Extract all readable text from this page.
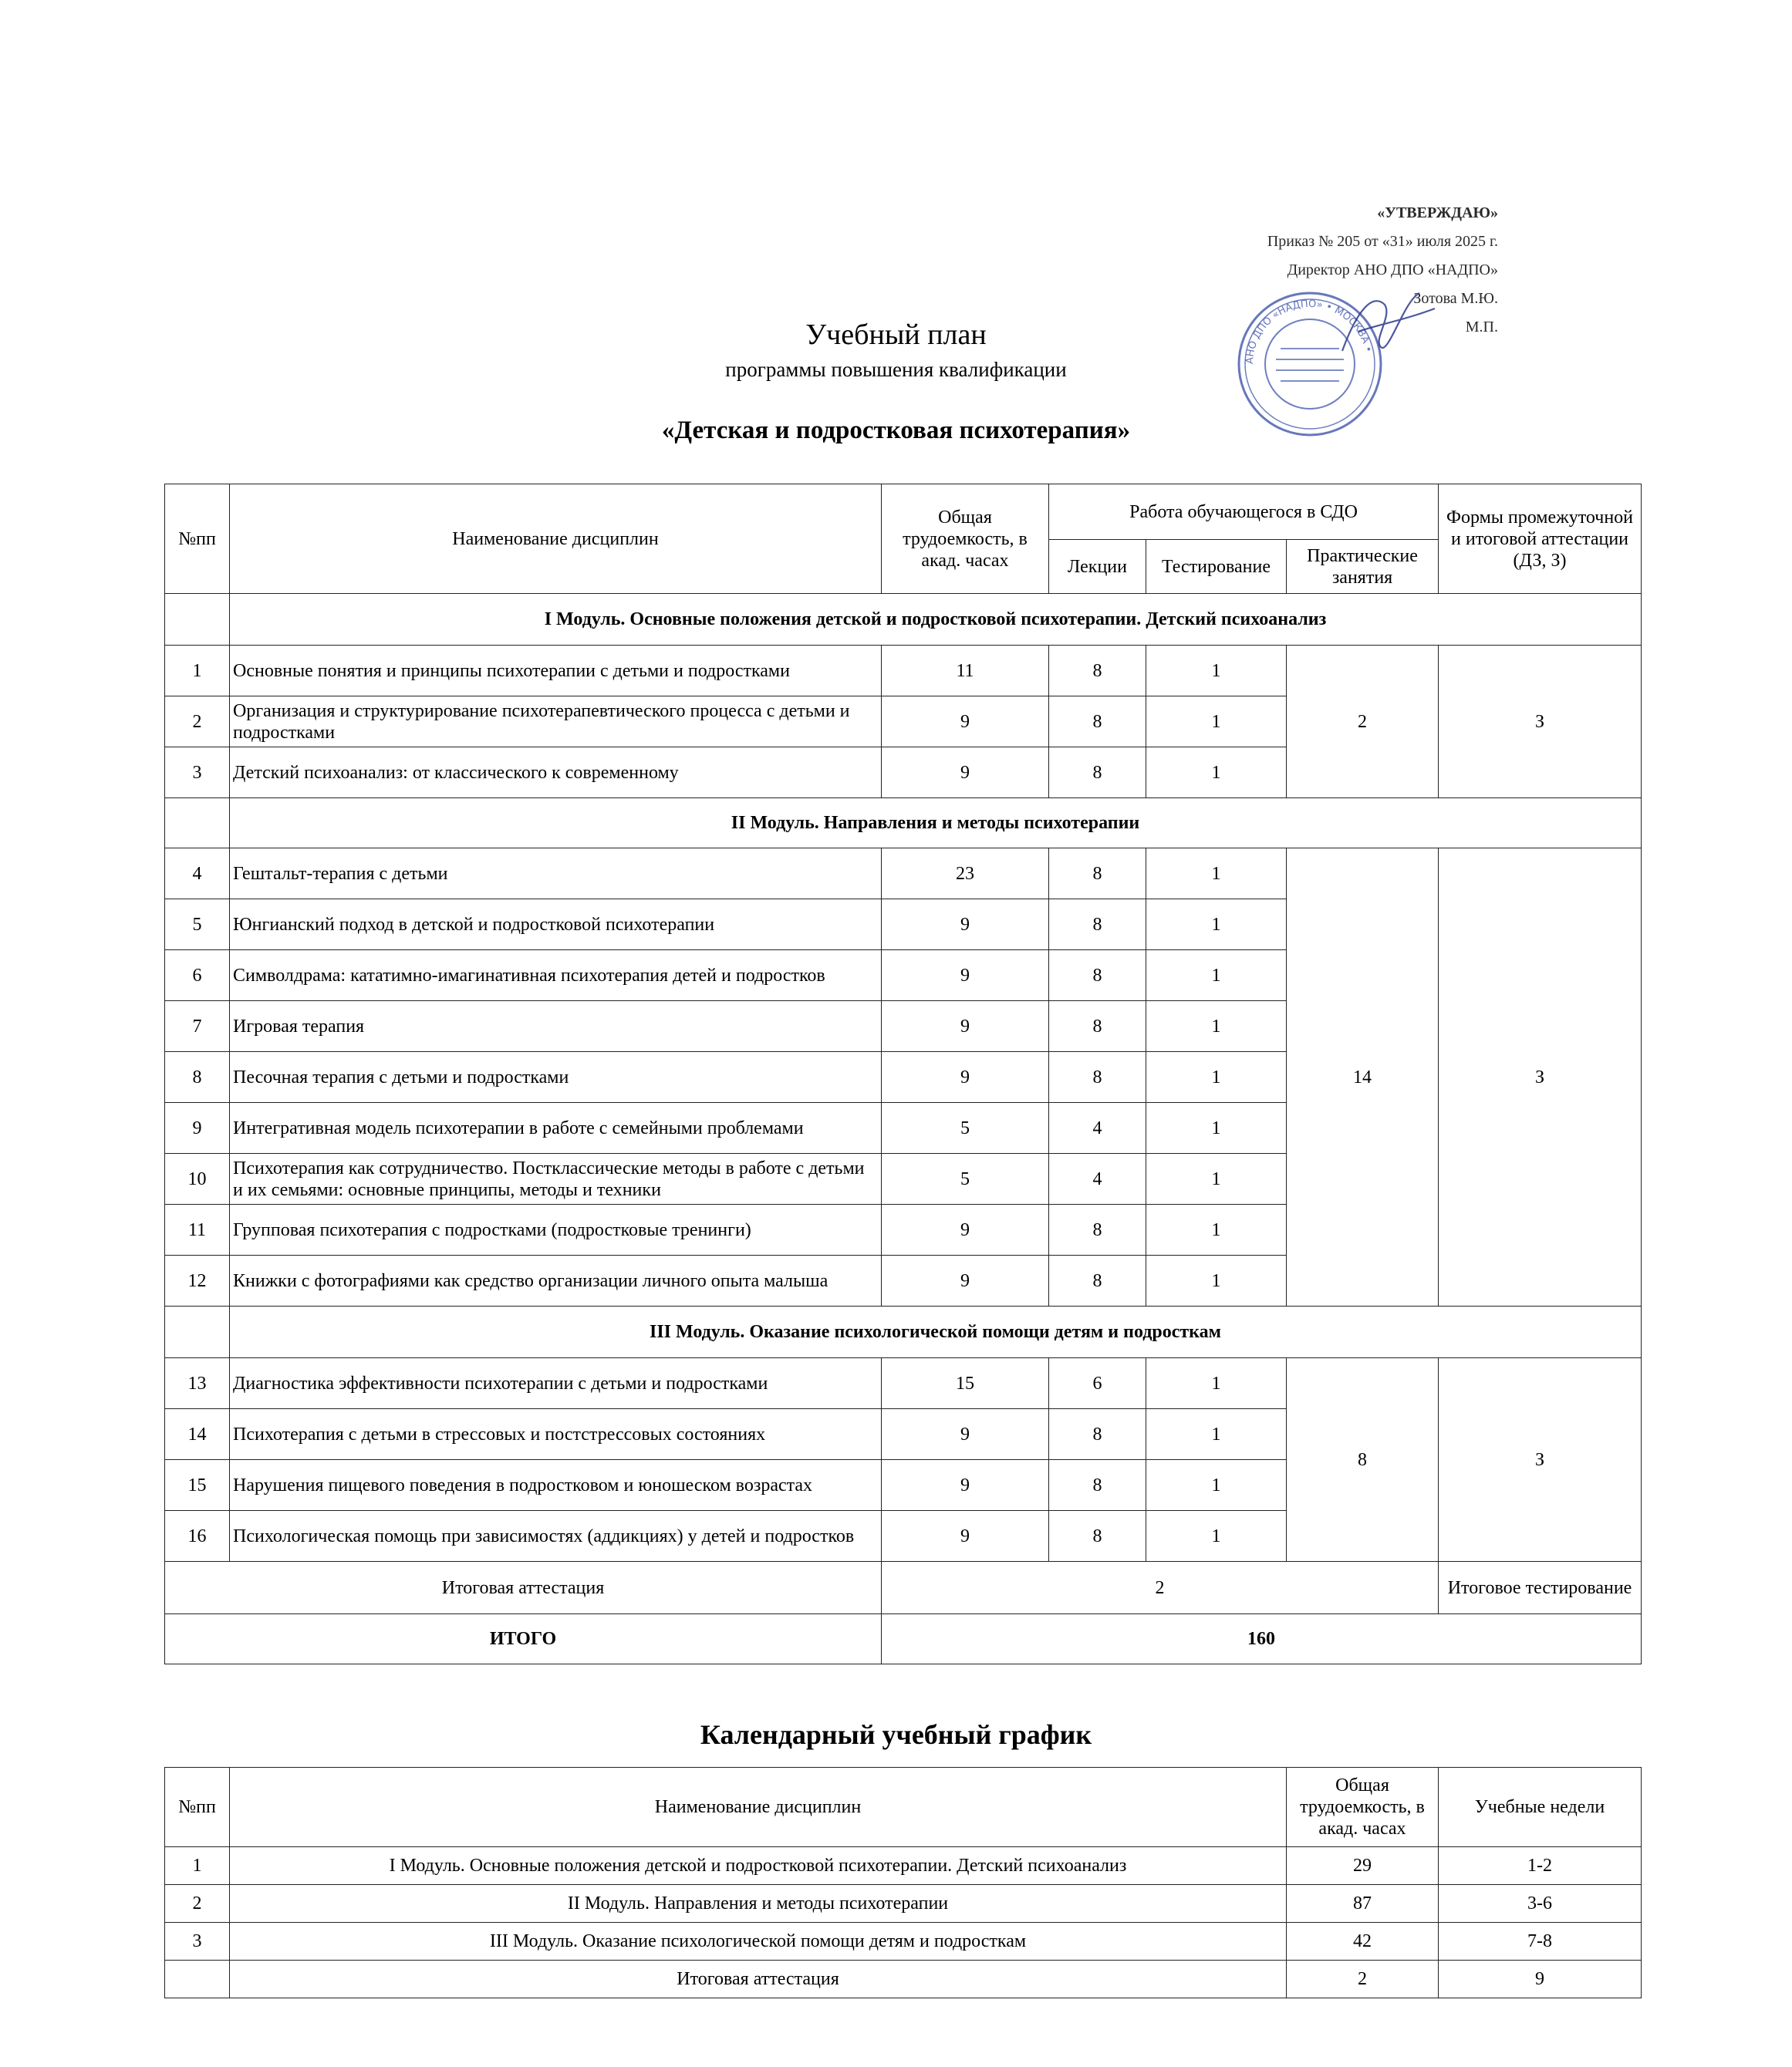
«УТВЕРЖДАЮ»
Приказ № 205 от «31» июля 2025 г.
Директор АНО ДПО «НАДПО»
Зотова М.Ю.
М.П.
АНО ДПО «НАДПО» • МОСКВА •
Учебный план
программы повышения квалификации
«Детская и подростковая психотерапия»
№пп	Наименование дисциплин	Общая трудоемкость, в акад. часах	Работа обучающегося в СДО			Формы промежуточной и итоговой аттестации (ДЗ, З)
			Лекции	Тестирование	Практические занятия	
	I Модуль. Основные положения детской и подростковой психотерапии. Детский психоанализ					
1	Основные понятия и принципы психотерапии с детьми и подростками	11	8	1	2	З
2	Организация и структурирование психотерапевтического процесса с детьми и подростками	9	8	1		
3	Детский психоанализ: от классического к современному	9	8	1		
	II Модуль. Направления и методы психотерапии					
4	Гештальт-терапия с детьми	23	8	1	14	З
5	Юнгианский подход в детской и подростковой психотерапии	9	8	1		
6	Символдрама: кататимно-имагинативная психотерапия детей и подростков	9	8	1		
7	Игровая терапия	9	8	1		
8	Песочная терапия с детьми и подростками	9	8	1		
9	Интегративная модель психотерапии в работе с семейными проблемами	5	4	1		
10	Психотерапия как сотрудничество. Постклассические методы в работе с детьми и их семьями: основные принципы, методы и техники	5	4	1		
11	Групповая психотерапия с подростками (подростковые тренинги)	9	8	1		
12	Книжки с фотографиями как средство организации личного опыта малыша	9	8	1		
	III Модуль. Оказание психологической помощи детям и подросткам					
13	Диагностика эффективности психотерапии с детьми и подростками	15	6	1	8	З
14	Психотерапия с детьми в стрессовых и постстрессовых состояниях	9	8	1		
15	Нарушения пищевого поведения в подростковом и юношеском возрастах	9	8	1		
16	Психологическая помощь при зависимостях (аддикциях) у детей и подростков	9	8	1		
Итоговая аттестация		2				Итоговое тестирование
ИТОГО		160				
Календарный учебный график
№пп	Наименование дисциплин	Общая трудоемкость, в акад. часах	Учебные недели
1	I Модуль. Основные положения детской и подростковой психотерапии. Детский психоанализ	29	1-2
2	II Модуль. Направления и методы психотерапии	87	3-6
3	III Модуль. Оказание психологической помощи детям и подросткам	42	7-8
	Итоговая аттестация	2	9
